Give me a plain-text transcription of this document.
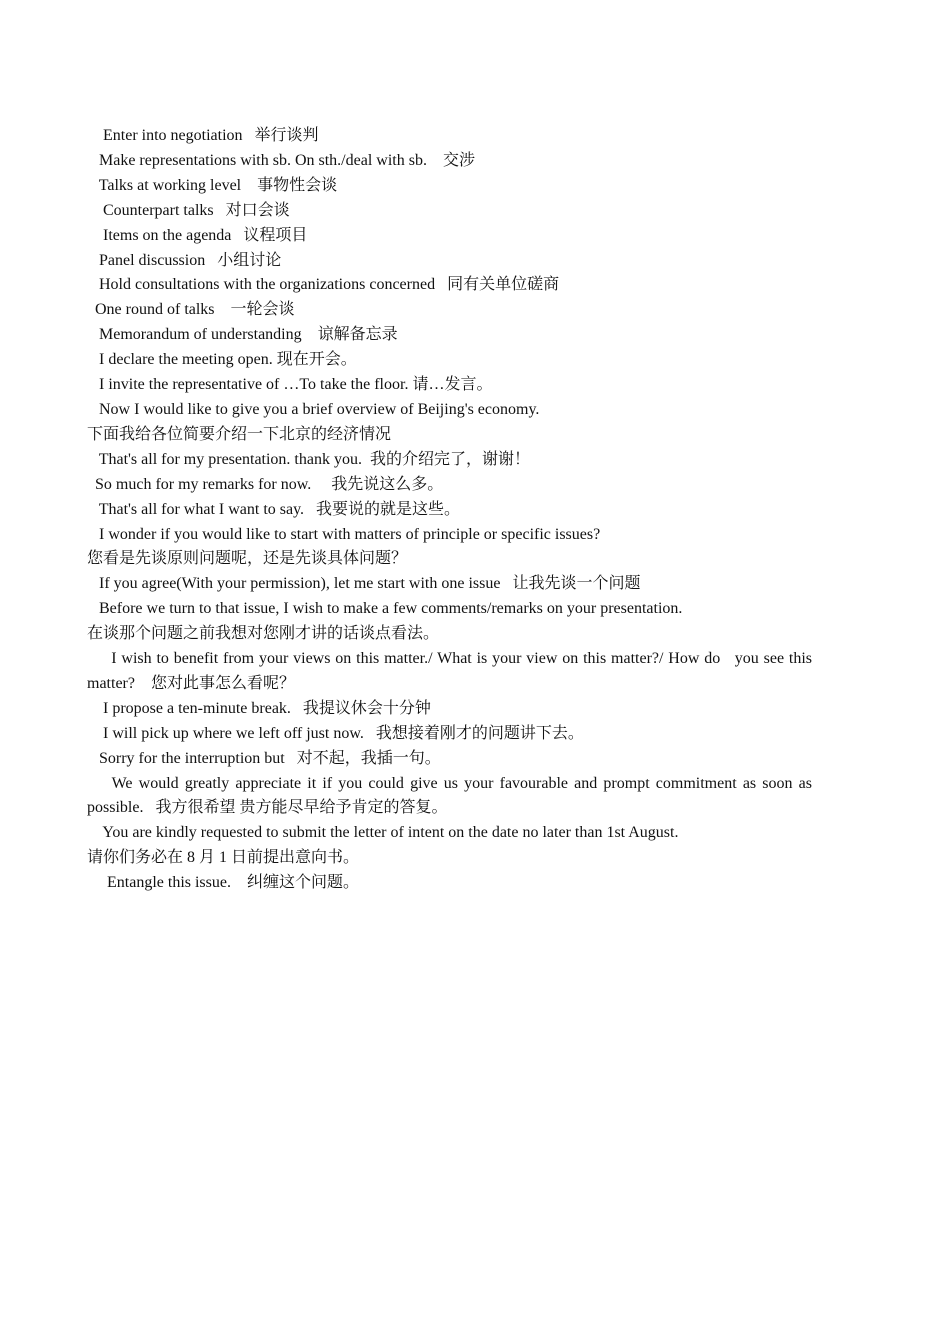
Enter into negotiation   举行谈判
Make representations with sb. On sth./deal with sb.    交涉
Talks at working level    事物性会谈
Counterpart talks   对口会谈
Items on the agenda   议程项目
Panel discussion   小组讨论
Hold consultations with the organizations concerned   同有关单位磋商
One round of talks    一轮会谈
Memorandum of understanding    谅解备忘录
I declare the meeting open. 现在开会。
I invite the representative of …To take the floor. 请…发言。
Now I would like to give you a brief overview of Beijing's economy.
下面我给各位简要介绍一下北京的经济情况
That's all for my presentation. thank you.  我的介绍完了，谢谢！
So much for my remarks for now.     我先说这么多。
That's all for what I want to say.   我要说的就是这些。
I wonder if you would like to start with matters of principle or specific issues?
您看是先谈原则问题呢，还是先谈具体问题？
If you agree(With your permission), let me start with one issue   让我先谈一个问题
Before we turn to that issue, I wish to make a few comments/remarks on your presentation.
在谈那个问题之前我想对您刚才讲的话谈点看法。
I wish to benefit from your views on this matter./ What is your view on this matter?/ How do   you see this matter?    您对此事怎么看呢？
I propose a ten-minute break.   我提议休会十分钟
I will pick up where we left off just now.   我想接着刚才的问题讲下去。
Sorry for the interruption but   对不起，我插一句。
We would greatly appreciate it if you could give us your favourable and prompt commitment as soon as possible.   我方很希望 贵方能尽早给予肯定的答复。
You are kindly requested to submit the letter of intent on the date no later than 1st August.
请你们务必在 8 月 1 日前提出意向书。
Entangle this issue.    纠缠这个问题。
